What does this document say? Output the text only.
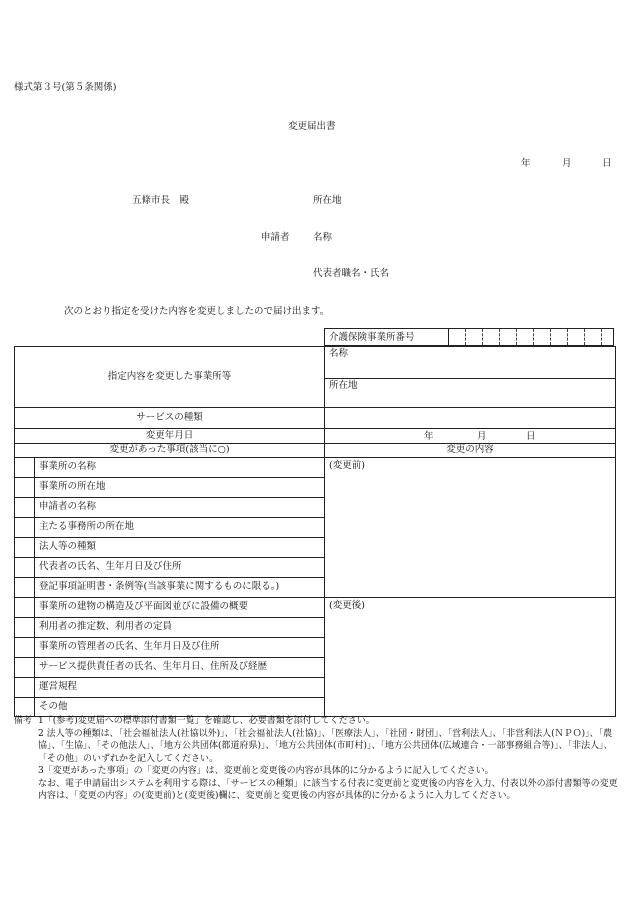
様式第３号(第５条関係)
変更届出書
年	月	日
五條市長　殿	所在地
申請者 名称
代表者職名・氏名
次のとおり指定を受けた内容を変更しましたので届け出ます。
介護保険事業所番号
指定内容を変更した事業所等		名称
		所在地
サービスの種類		
変更年月日		年 月 日

変更があった事項(該当に○)		変更の内容
	事業所の名称	(変更前)
	事業所の所在地	
	申請者の名称	
	主たる事務所の所在地	
	法人等の種類	
	代表者の氏名、生年月日及び住所	
	登記事項証明書・条例等(当該事業に関するものに限る。)	
	事業所の建物の構造及び平面図並びに設備の概要	(変更後)
	利用者の推定数、利用者の定員	
	事業所の管理者の氏名、生年月日及び住所	
	サービス提供責任者の氏名、生年月日、住所及び経歴	
	運営規程	
	その他	
備考 1「(参考)変更届への標準添付書類一覧」を確認し、必要書類を添付してください。
2 法人等の種類は、「社会福祉法人(社協以外)」、「社会福祉法人(社協)」、「医療法人」、「社団・財団」、「営利法人」、「非営利法人(ＮＰＯ)」、「農協」、「生協」、「その他法人」、「地方公共団体(都道府県)」、「地方公共団体(市町村)」、「地方公共団体(広域連合・一部事務組合等)」、「非法人」、「その他」のいずれかを記入してください。
3「変更があった事項」の「変更の内容」は、変更前と変更後の内容が具体的に分かるように記入してください。
なお、電子申請届出システムを利用する際は、「サービスの種類」に該当する付表に変更前と変更後の内容を入力、付表以外の添付書類等の変更内容は、「変更の内容」の(変更前)と(変更後)欄に、変更前と変更後の内容が具体的に分かるように入力してください。
